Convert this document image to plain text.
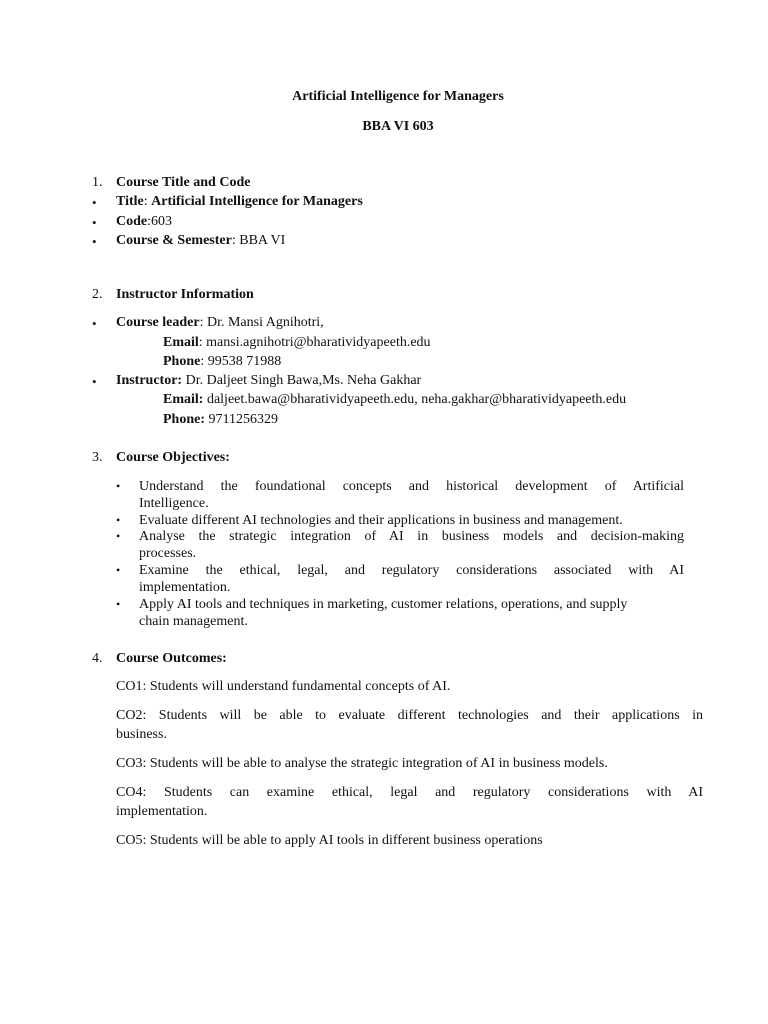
Artificial Intelligence for Managers
BBA VI 603
1. Course Title and Code
• Title: Artificial Intelligence for Managers
• Code:603
• Course & Semester: BBA VI
2. Instructor Information
• Course leader: Dr. Mansi Agnihotri,
Email: mansi.agnihotri@bharatividyapeeth.edu
Phone: 99538 71988
• Instructor: Dr. Daljeet Singh Bawa,Ms. Neha Gakhar
Email: daljeet.bawa@bharatividyapeeth.edu, neha.gakhar@bharatividyapeeth.edu
Phone: 9711256329
3. Course Objectives:
• Understand the foundational concepts and historical development of Artificial
Intelligence.
• Evaluate different AI technologies and their applications in business and management.
• Analyse the strategic integration of AI in business models and decision-making
processes.
• Examine the ethical, legal, and regulatory considerations associated with AI
implementation.
• Apply AI tools and techniques in marketing, customer relations, operations, and supply
chain management.
4. Course Outcomes:
CO1: Students will understand fundamental concepts of AI.
CO2: Students will be able to evaluate different technologies and their applications in
business.
CO3: Students will be able to analyse the strategic integration of AI in business models.
CO4: Students can examine ethical, legal and regulatory considerations with AI
implementation.
CO5: Students will be able to apply AI tools in different business operations
